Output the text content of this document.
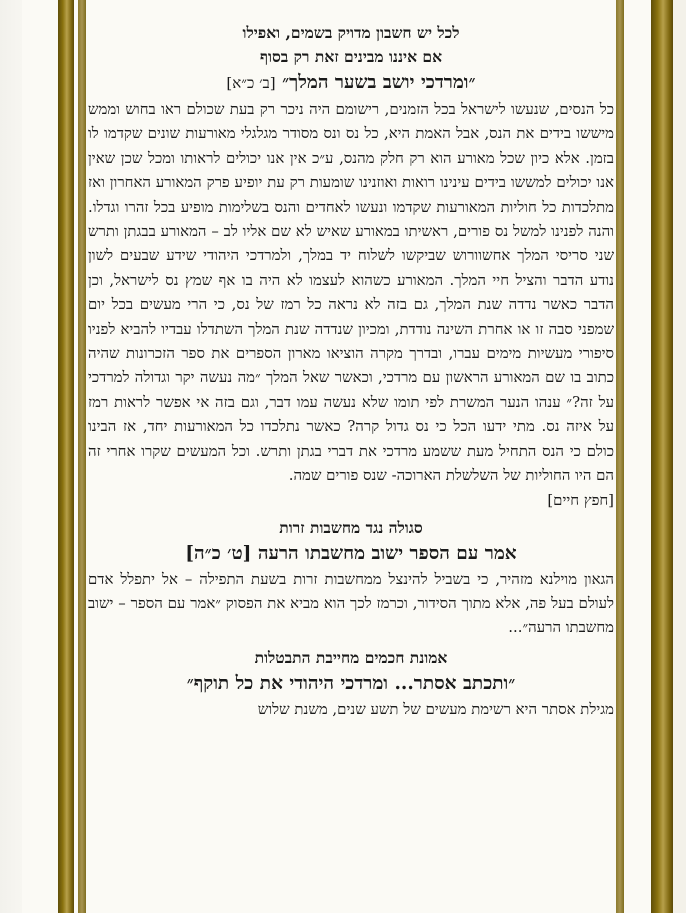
לכל יש חשבון מדויק בשמים, ואפילו

אם איננו מבינים זאת רק בסוף

״ומרדכי יושב בשער המלך״ [ב׳ כ״א]

כל הנסים, שנעשו לישראל בכל הזמנים, רישומם היה ניכר רק בעת שכולם ראו בחוש וממש מיששו בידים את הנס, אבל האמת היא, כל נס ונס מסודר מגלגלי מאורעות שונים שקדמו לו בזמן. אלא כיון שכל מאורע הוא רק חלק מהנס, ע״כ אין אנו יכולים לראותו ומכל שכן שאין אנו יכולים למששו בידים עינינו רואות ואוזנינו שומעות רק עת יופיע פרק המאורע האחרון ואז מתלכדות כל חוליות המאורעות שקדמו ונעשו לאחדים והנס בשלימות מופיע בכל זהרו וגדלו. והנה לפנינו למשל נס פורים, ראשיתו במאורע שאיש לא שם אליו לב – המאורע בבגתן ותרש שני סריסי המלך אחשוורוש שביקשו לשלוח יד במלך, ולמרדכי היהודי שידע שבעים לשון נודע הדבר והציל חיי המלך. המאורע כשהוא לעצמו לא היה בו אף שמץ נס לישראל, וכן הדבר כאשר נדדה שנת המלך, גם בזה לא נראה כל רמז של נס, כי הרי מעשים בכל יום שמפני סבה זו או אחרת השינה נודדת, ומכיון שנדדה שנת המלך השתדלו עבדיו להביא לפניו סיפורי מעשיות מימים עברו, ובדרך מקרה הוציאו מארון הספרים את ספר הזכרונות שהיה כתוב בו שם המאורע הראשון עם מרדכי, וכאשר שאל המלך ״מה נעשה יקר וגדולה למרדכי על זה?״ ענהו הנער המשרת לפי תומו שלא נעשה עמו דבר, וגם בזה אי אפשר לראות רמז על איזה נס. מתי ידעו הכל כי נס גדול קרה? כאשר נתלכדו כל המאורעות יחד, אז הבינו כולם כי הנס התחיל מעת ששמע מרדכי את דברי בגתן ותרש. וכל המעשים שקרו אחרי זה הם היו החוליות של השלשלת הארוכה- שנס פורים שמה.

[חפץ חיים]

סגולה נגד מחשבות זרות

אמר עם הספר ישוב מחשבתו הרעה [ט׳ כ״ה]

הגאון מוילנא מזהיר, כי בשביל להינצל ממחשבות זרות בשעת התפילה – אל יתפלל אדם לעולם בעל פה, אלא מתוך הסידור, וכרמז לכך הוא מביא את הפסוק ״אמר עם הספר – ישוב מחשבתו הרעה״...

אמונת חכמים מחייבת התבטלות

״ותכתב אסתר... ומרדכי היהודי את כל תוקף״

מגילת אסתר היא רשימת מעשים של תשע שנים, משנת שלוש
